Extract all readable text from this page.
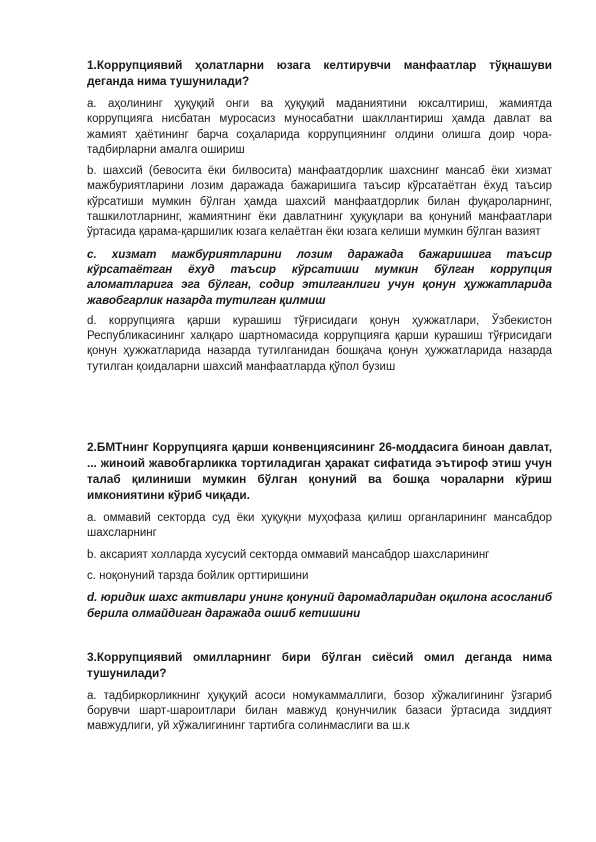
1.Коррупциявий ҳолатларни юзага келтирувчи манфаатлар тўқнашуви деганда нима тушунилади?

a. аҳолининг ҳуқуқий онги ва ҳуқуқий маданиятини юксалтириш, жамиятда коррупцияга нисбатан муросасиз муносабатни шакллантириш ҳамда давлат ва жамият ҳаётининг барча соҳаларида коррупциянинг олдини олишга доир чора-тадбирларни амалга ошириш

b. шахсий (бевосита ёки билвосита) манфаатдорлик шахснинг мансаб ёки хизмат мажбуриятларини лозим даражада бажаришига таъсир кўрсатаётган ёхуд таъсир кўрсатиши мумкин бўлган ҳамда шахсий манфаатдорлик билан фуқароларнинг, ташкилотларнинг, жамиятнинг ёки давлатнинг ҳуқуқлари ва қонуний манфаатлари ўртасида қарама-қаршилик юзага келаётган ёки юзага келиши мумкин бўлган вазият

c. хизмат мажбуриятларини лозим даражада бажаришига таъсир кўрсатаётган ёхуд таъсир кўрсатиши мумкин бўлган коррупция аломатларига эга бўлган, содир этилганлиги учун қонун ҳужжатларида жавобгарлик назарда тутилган қилмиш

d. коррупцияга қарши курашиш тўғрисидаги қонун ҳужжатлари, Ўзбекистон Республикасининг халқаро шартномасида коррупцияга қарши курашиш тўғрисидаги қонун ҳужжатларида назарда тутилганидан бошқача қонун ҳужжатларида назарда тутилган қоидаларни шахсий манфаатларда қўпол бузиш

2.БМТнинг Коррупцияга қарши конвенциясининг 26-моддасига биноан давлат, ... жиноий жавобгарликка тортиладиган ҳаракат сифатида эътироф этиш учун талаб қилиниши мумкин бўлган қонуний ва бошқа чораларни кўриш имкониятини кўриб чиқади.

a. оммавий секторда суд ёки ҳуқуқни муҳофаза қилиш органларининг мансабдор шахсларнинг

b. аксарият холларда хусусий секторда оммавий мансабдор шахсларининг

c. ноқонуний тарзда бойлик орттиришини

d. юридик шахс активлари унинг қонуний даромадларидан оқилона асосланиб берила олмайдиган даражада ошиб кетишини

3.Коррупциявий омилларнинг бири бўлган сиёсий омил деганда нима тушунилади?

a. тадбиркорликнинг ҳуқуқий асоси номукаммаллиги, бозор хўжалигининг ўзгариб борувчи шарт-шароитлари билан мавжуд қонунчилик базаси ўртасида зиддият мавжудлиги, уй хўжалигининг тартибга солинмаслиги ва ш.к
